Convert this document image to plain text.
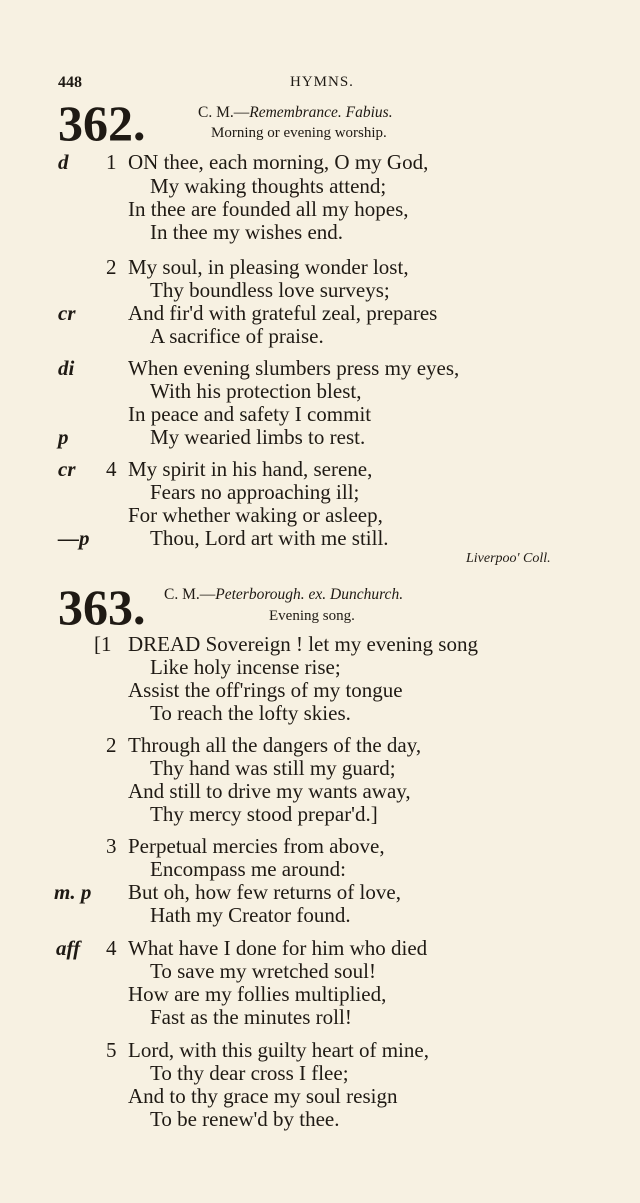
448	HYMNS.
362.	C. M.—Remembrance. Fabius.
Morning or evening worship.
d 1 ON thee, each morning, O my God,
My waking thoughts attend;
In thee are founded all my hopes,
In thee my wishes end.
2 My soul, in pleasing wonder lost,
Thy boundless love surveys;
cr	And fir'd with grateful zeal, prepares
A sacrifice of praise.
di	When evening slumbers press my eyes,
With his protection blest,
In peace and safety I commit
p	My wearied limbs to rest.
cr 4 My spirit in his hand, serene,
Fears no approaching ill;
For whether waking or asleep,
—p	Thou, Lord art with me still.
Liverpoo' Coll.
363. C. M.—Peterborough. ex. Dunchurch.
Evening song.
[1 DREAD Sovereign ! let my evening song
Like holy incense rise;
Assist the off'rings of my tongue
To reach the lofty skies.
2 Through all the dangers of the day,
Thy hand was still my guard;
And still to drive my wants away,
Thy mercy stood prepar'd.]
3 Perpetual mercies from above,
Encompass me around:
m. p But oh, how few returns of love,
Hath my Creator found.
aff 4 What have I done for him who died
To save my wretched soul!
How are my follies multiplied,
Fast as the minutes roll!
5 Lord, with this guilty heart of mine,
To thy dear cross I flee;
And to thy grace my soul resign
To be renew'd by thee.
